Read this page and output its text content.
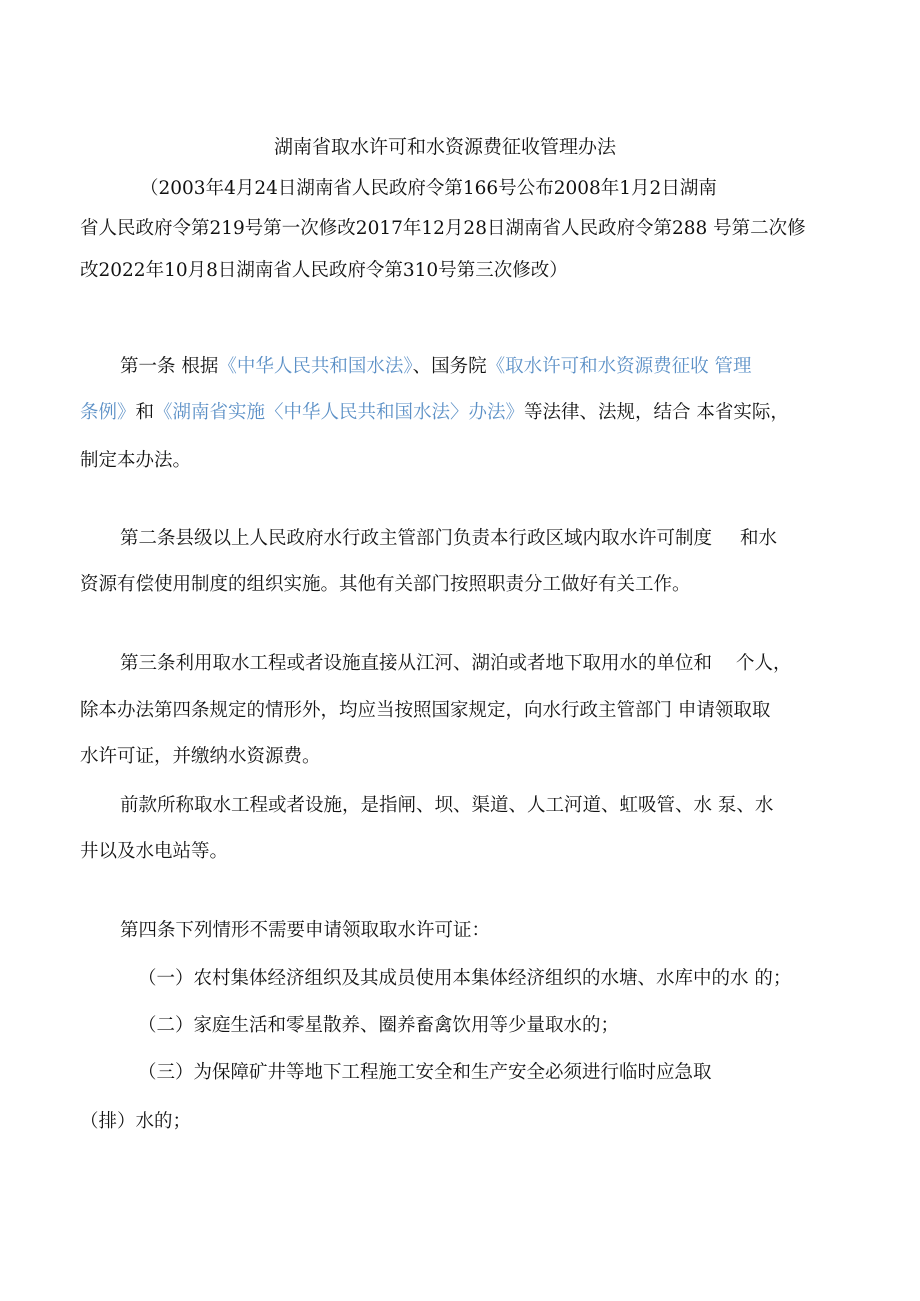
湖南省取水许可和水资源费征收管理办法
（2003年4月24日湖南省人民政府令第166号公布2008年1月2日湖南
省人民政府令第219号第一次修改2017年12月28日湖南省人民政府令第288 号第二次修
改2022年10月8日湖南省人民政府令第310号第三次修改）
第一条 根据《中华人民共和国水法》、国务院《取水许可和水资源费征收 管理
条例》和《湖南省实施〈中华人民共和国水法〉办法》等法律、法规，结合 本省实际，
制定本办法。
第二条县级以上人民政府水行政主管部门负责本行政区域内取水许可制度 和水
资源有偿使用制度的组织实施。其他有关部门按照职责分工做好有关工作。
第三条利用取水工程或者设施直接从江河、湖泊或者地下取用水的单位和 个人，
除本办法第四条规定的情形外，均应当按照国家规定，向水行政主管部门 申请领取取
水许可证，并缴纳水资源费。
前款所称取水工程或者设施，是指闸、坝、渠道、人工河道、虹吸管、水 泵、水
井以及水电站等。
第四条下列情形不需要申请领取取水许可证：
（一）农村集体经济组织及其成员使用本集体经济组织的水塘、水库中的水 的；
（二）家庭生活和零星散养、圈养畜禽饮用等少量取水的；
（三）为保障矿井等地下工程施工安全和生产安全必须进行临时应急取
（排）水的；
